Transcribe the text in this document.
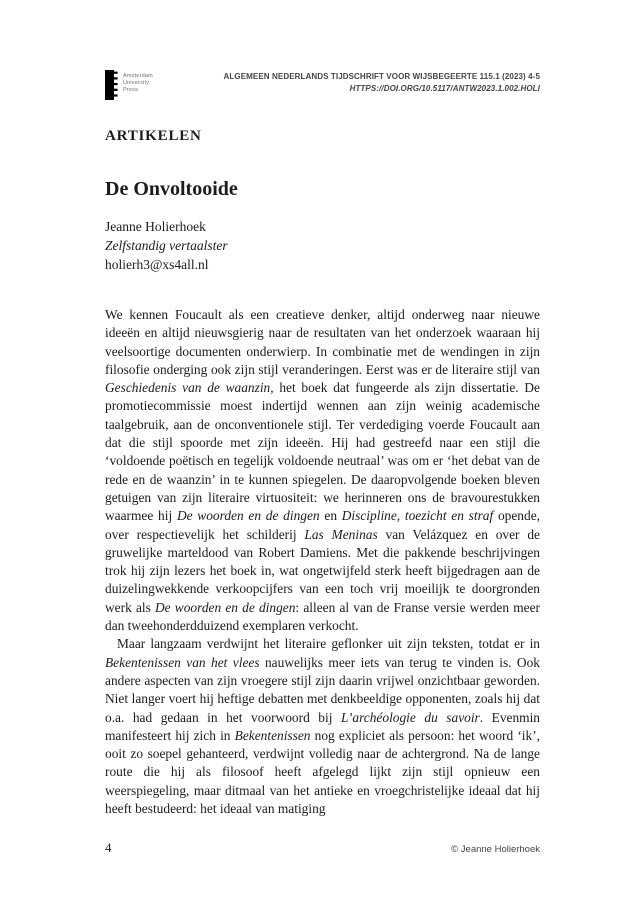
Amsterdam
University
Press
ALGEMEEN NEDERLANDS TIJDSCHRIFT VOOR WIJSBEGEERTE 115.1 (2023) 4-5
HTTPS://DOI.ORG/10.5117/ANTW2023.1.002.HOLI
ARTIKELEN
De Onvoltooide
Jeanne Holierhoek
Zelfstandig vertaalster
holierh3@xs4all.nl

We kennen Foucault als een creatieve denker, altijd onderweg naar nieuwe ideeën en altijd nieuwsgierig naar de resultaten van het onderzoek waaraan hij veelsoortige documenten onderwierp. In combinatie met de wendingen in zijn filosofie onderging ook zijn stijl veranderingen. Eerst was er de literaire stijl van Geschiedenis van de waanzin, het boek dat fungeerde als zijn dissertatie. De promotiecommissie moest indertijd wennen aan zijn weinig academische taalgebruik, aan de onconventionele stijl. Ter verdediging voerde Foucault aan dat die stijl spoorde met zijn ideeën. Hij had gestreefd naar een stijl die ‘voldoende poëtisch en tegelijk voldoende neutraal’ was om er ‘het debat van de rede en de waanzin’ in te kunnen spiegelen. De daaropvolgende boeken bleven getuigen van zijn literaire virtuositeit: we herinneren ons de bravourestukken waarmee hij De woorden en de dingen en Discipline, toezicht en straf opende, over respectievelijk het schilderij Las Meninas van Velázquez en over de gruwelijke marteldood van Robert Damiens. Met die pakkende beschrijvingen trok hij zijn lezers het boek in, wat ongetwijfeld sterk heeft bijgedragen aan de duizelingwekkende verkoopcijfers van een toch vrij moeilijk te doorgronden werk als De woorden en de dingen: alleen al van de Franse versie werden meer dan tweehonderdduizend exemplaren verkocht.

Maar langzaam verdwijnt het literaire geflonker uit zijn teksten, totdat er in Bekentenissen van het vlees nauwelijks meer iets van terug te vinden is. Ook andere aspecten van zijn vroegere stijl zijn daarin vrijwel onzichtbaar geworden. Niet langer voert hij heftige debatten met denkbeeldige opponenten, zoals hij dat o.a. had gedaan in het voorwoord bij L’archéologie du savoir. Evenmin manifesteert hij zich in Bekentenissen nog expliciet als persoon: het woord ‘ik’, ooit zo soepel gehanteerd, verdwijnt volledig naar de achtergrond. Na de lange route die hij als filosoof heeft afgelegd lijkt zijn stijl opnieuw een weerspiegeling, maar ditmaal van het antieke en vroegchristelijke ideaal dat hij heeft bestudeerd: het ideaal van matiging

4	© Jeanne Holierhoek
